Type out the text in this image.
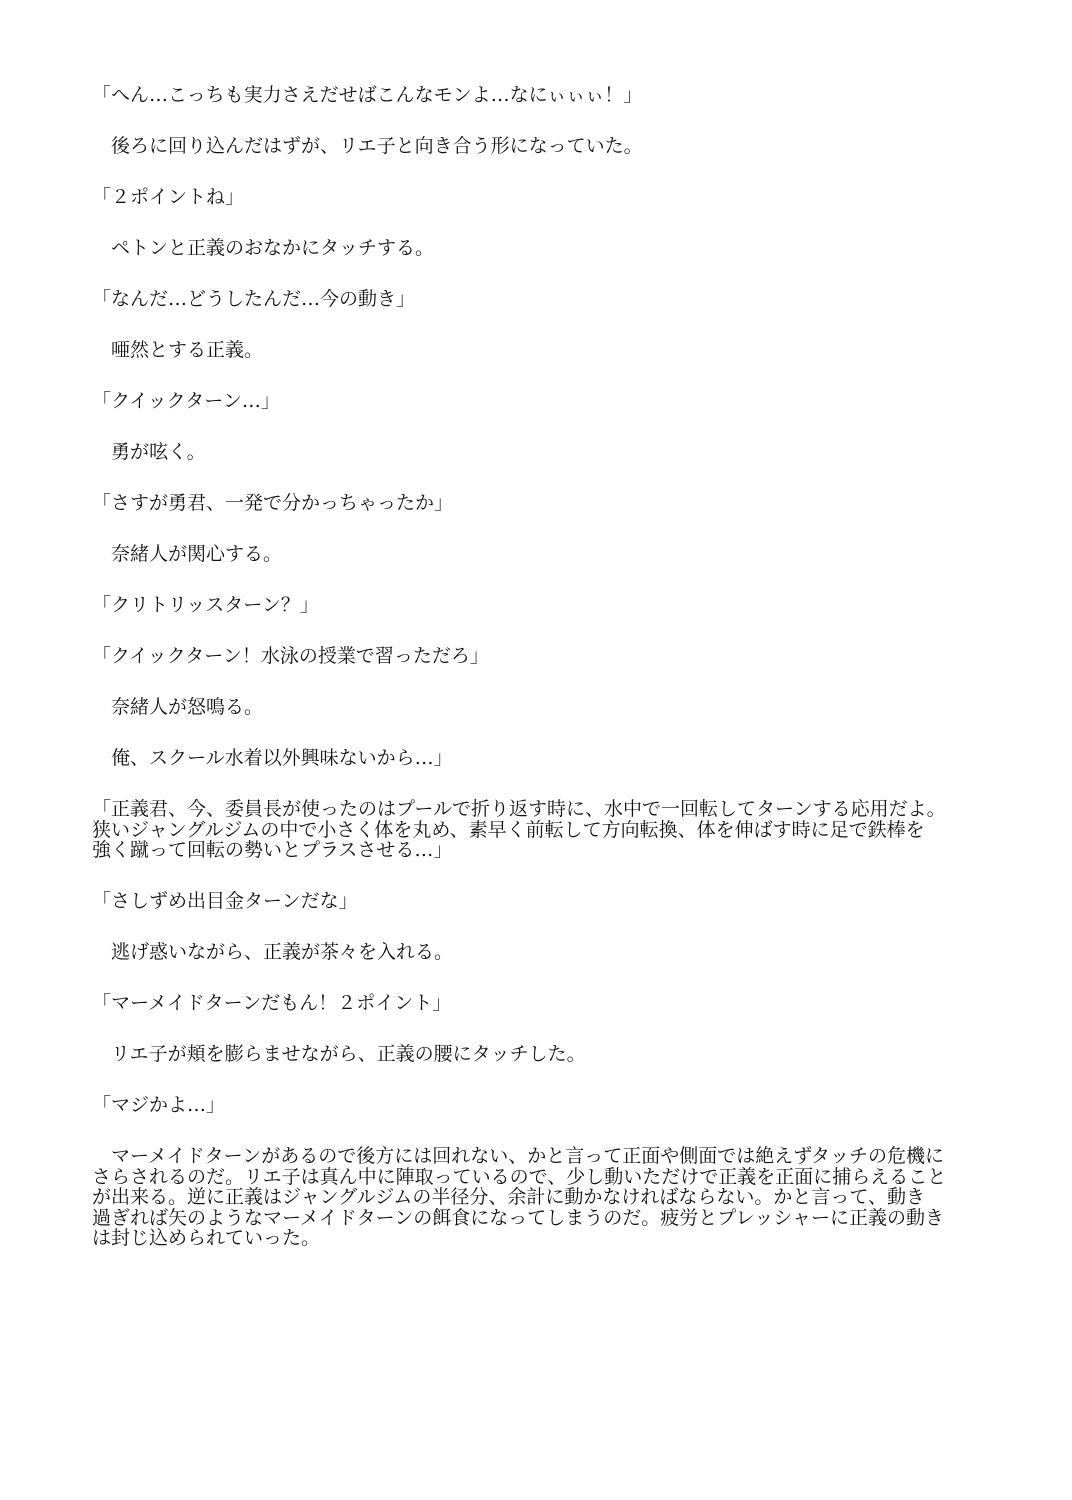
「へん…こっちも実力さえだせばこんなモンよ…なにぃぃぃ！」

　後ろに回り込んだはずが、リエ子と向き合う形になっていた。

「２ポイントね」

　ペトンと正義のおなかにタッチする。

「なんだ…どうしたんだ…今の動き」

　唖然とする正義。

「クイックターン…」

　勇が呟く。

「さすが勇君、一発で分かっちゃったか」

　奈緒人が関心する。

「クリトリッスターン？」

「クイックターン！水泳の授業で習っただろ」

　奈緒人が怒鳴る。

　俺、スクール水着以外興味ないから…」

「正義君、今、委員長が使ったのはプールで折り返す時に、水中で一回転してターンする応用だよ。
狭いジャングルジムの中で小さく体を丸め、素早く前転して方向転換、体を伸ばす時に足で鉄棒を
強く蹴って回転の勢いとプラスさせる…」

「さしずめ出目金ターンだな」

　逃げ惑いながら、正義が茶々を入れる。

「マーメイドターンだもん！２ポイント」

　リエ子が頬を膨らませながら、正義の腰にタッチした。

「マジかよ…」

　マーメイドターンがあるので後方には回れない、かと言って正面や側面では絶えずタッチの危機に
さらされるのだ。リエ子は真ん中に陣取っているので、少し動いただけで正義を正面に捕らえること
が出来る。逆に正義はジャングルジムの半径分、余計に動かなければならない。かと言って、動き
過ぎれば矢のようなマーメイドターンの餌食になってしまうのだ。疲労とプレッシャーに正義の動き
は封じ込められていった。
